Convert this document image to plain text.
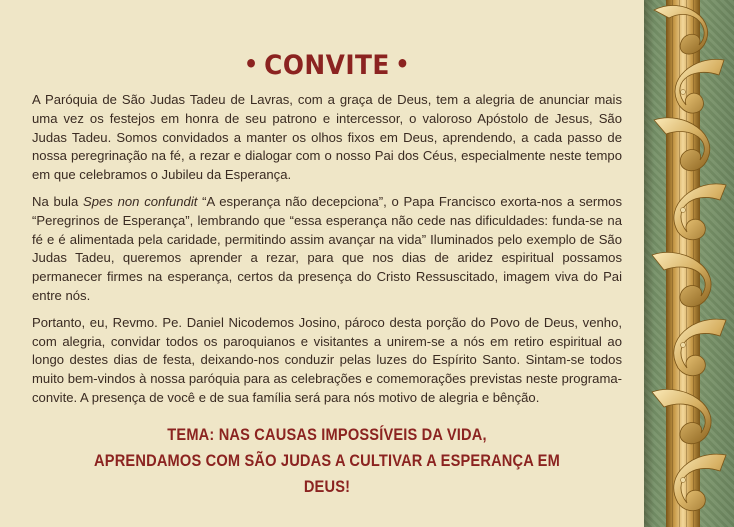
• CONVITE •

A Paróquia de São Judas Tadeu de Lavras, com a graça de Deus, tem a alegria de anunciar mais uma vez os festejos em honra de seu patrono e intercessor, o valoroso Apóstolo de Jesus, São Judas Tadeu. Somos convidados a manter os olhos fixos em Deus, aprendendo, a cada passo de nossa peregrinação na fé, a rezar e dialogar com o nosso Pai dos Céus, especialmente neste tempo em que celebramos o Jubileu da Esperança.

Na bula Spes non confundit “A esperança não decepciona”, o Papa Francisco exorta-nos a sermos “Peregrinos de Esperança”, lembrando que “essa esperança não cede nas dificuldades: funda-se na fé e é alimentada pela caridade, permitindo assim avançar na vida” Iluminados pelo exemplo de São Judas Tadeu, queremos aprender a rezar, para que nos dias de aridez espiritual possamos permanecer firmes na esperança, certos da presença do Cristo Ressuscitado, imagem viva do Pai entre nós.

Portanto, eu, Revmo. Pe. Daniel Nicodemos Josino, pároco desta porção do Povo de Deus, venho, com alegria, convidar todos os paroquianos e visitantes a unirem-se a nós em retiro espiritual ao longo destes dias de festa, deixando-nos conduzir pelas luzes do Espírito Santo. Sintam-se todos muito bem-vindos à nossa paróquia para as celebrações e comemorações previstas neste programa-convite. A presença de você e de sua família será para nós motivo de alegria e bênção.

TEMA: NAS CAUSAS IMPOSSÍVEIS DA VIDA,
APRENDAMOS COM SÃO JUDAS A CULTIVAR A ESPERANÇA EM DEUS!
